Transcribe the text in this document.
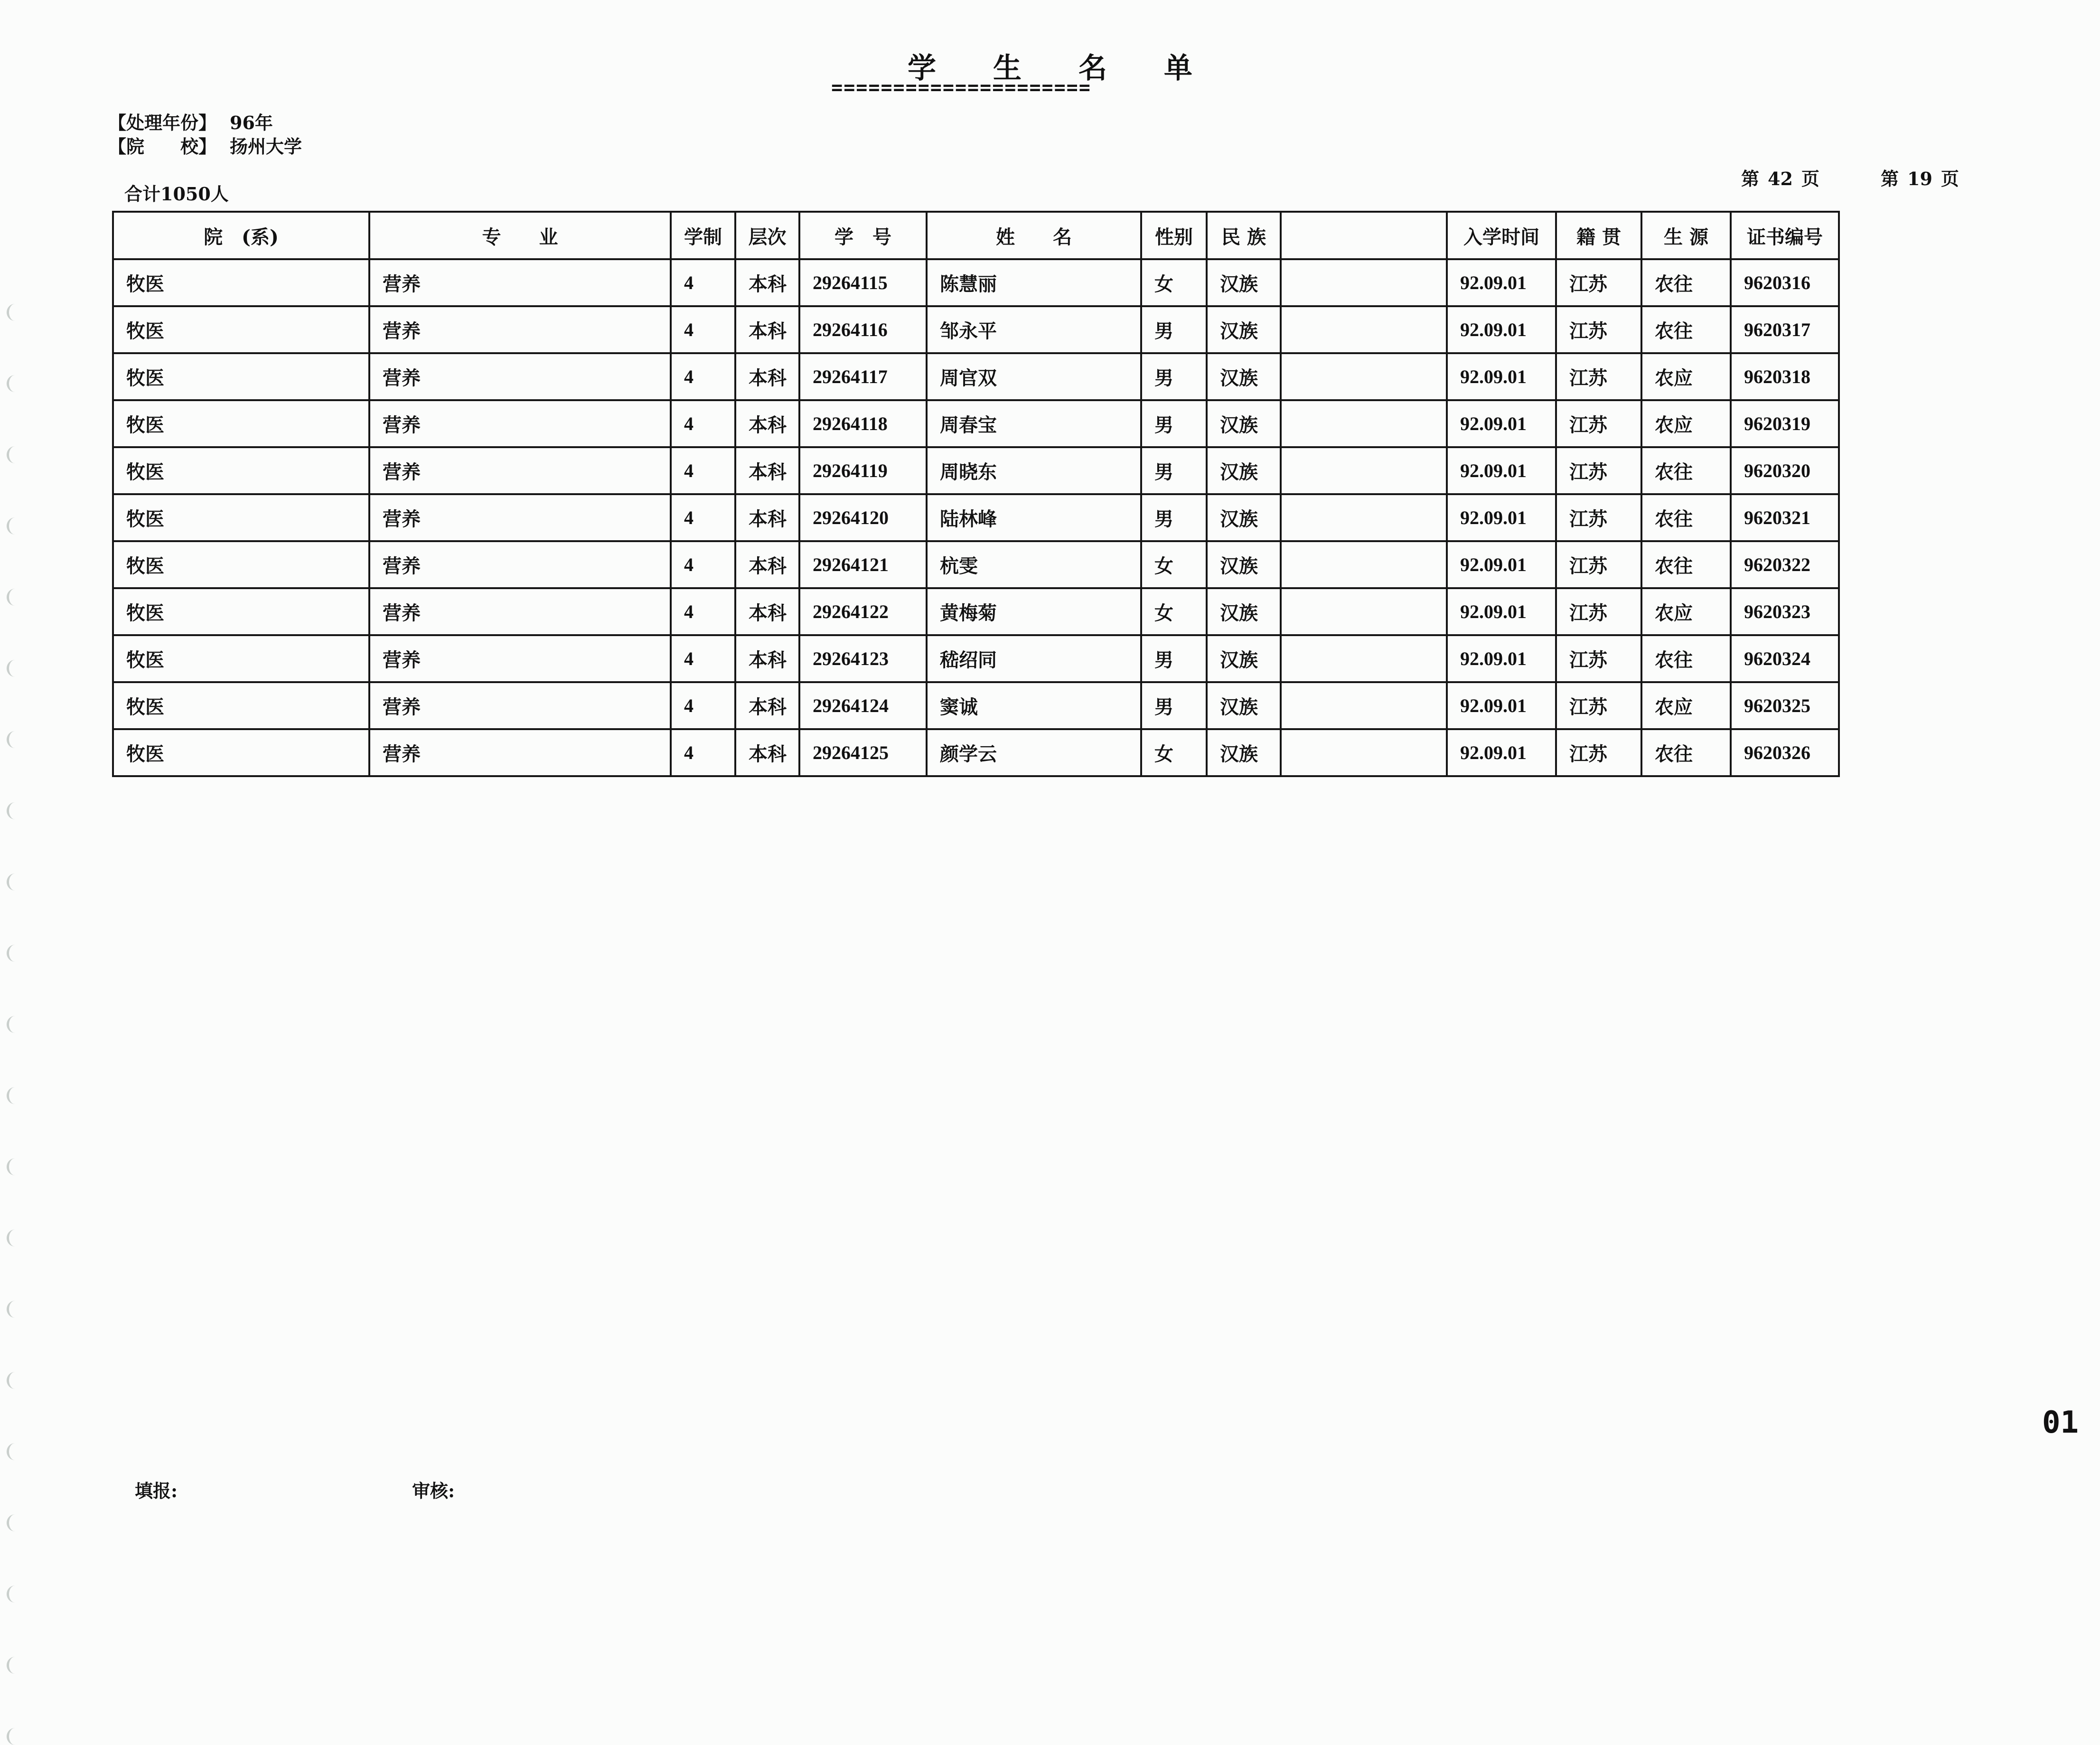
学生名单
=====================
【处理年份】 96年
【院　　校】 扬州大学
合计1050人
第 42 页	第 19 页
院　(系)	专　　业	学制	层次	学　号	姓　　名	性别	民 族		入学时间	籍 贯	生 源	证书编号
牧医	营养	4	本科	29264115	陈慧丽	女	汉族		92.09.01	江苏	农往	9620316
牧医	营养	4	本科	29264116	邹永平	男	汉族		92.09.01	江苏	农往	9620317
牧医	营养	4	本科	29264117	周官双	男	汉族		92.09.01	江苏	农应	9620318
牧医	营养	4	本科	29264118	周春宝	男	汉族		92.09.01	江苏	农应	9620319
牧医	营养	4	本科	29264119	周晓东	男	汉族		92.09.01	江苏	农往	9620320
牧医	营养	4	本科	29264120	陆林峰	男	汉族		92.09.01	江苏	农往	9620321
牧医	营养	4	本科	29264121	杭雯	女	汉族		92.09.01	江苏	农往	9620322
牧医	营养	4	本科	29264122	黄梅菊	女	汉族		92.09.01	江苏	农应	9620323
牧医	营养	4	本科	29264123	嵇绍同	男	汉族		92.09.01	江苏	农往	9620324
牧医	营养	4	本科	29264124	窦诚	男	汉族		92.09.01	江苏	农应	9620325
牧医	营养	4	本科	29264125	颜学云	女	汉族		92.09.01	江苏	农往	9620326
填报:	审核:
01
